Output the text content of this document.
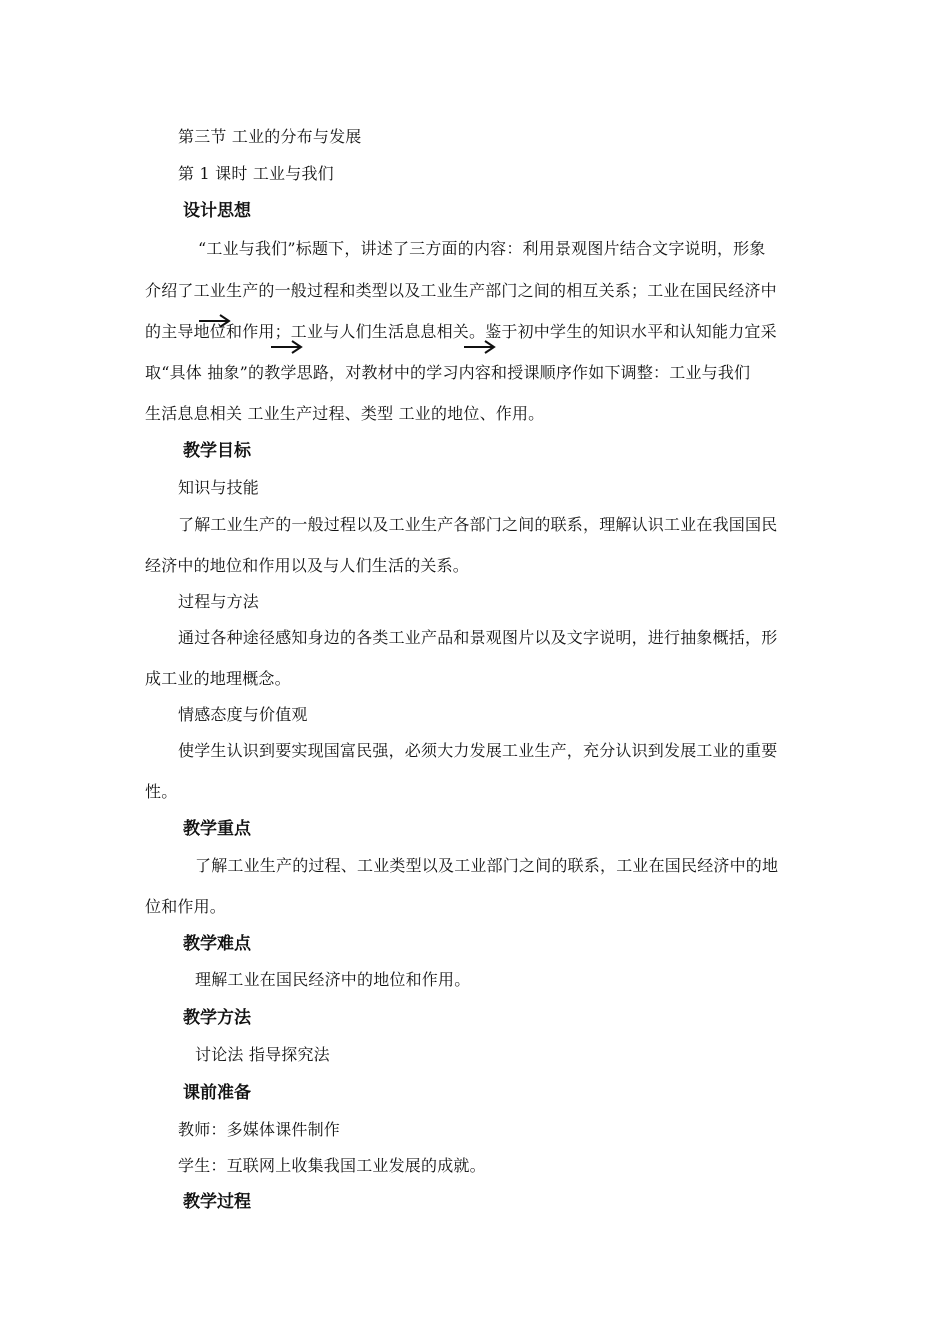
第三节 工业的分布与发展
第 1 课时 工业与我们
设计思想
“工业与我们”标题下，讲述了三方面的内容：利用景观图片结合文字说明，形象
介绍了工业生产的一般过程和类型以及工业生产部门之间的相互关系；工业在国民经济中
的主导地位和作用；工业与人们生活息息相关。鉴于初中学生的知识水平和认知能力宜采
取“具体 抽象”的教学思路，对教材中的学习内容和授课顺序作如下调整：工业与我们
生活息息相关 工业生产过程、类型 工业的地位、作用。
教学目标
知识与技能
了解工业生产的一般过程以及工业生产各部门之间的联系，理解认识工业在我国国民
经济中的地位和作用以及与人们生活的关系。
过程与方法
通过各种途径感知身边的各类工业产品和景观图片以及文字说明，进行抽象概括，形
成工业的地理概念。
情感态度与价值观
使学生认识到要实现国富民强，必须大力发展工业生产，充分认识到发展工业的重要
性。
教学重点
了解工业生产的过程、工业类型以及工业部门之间的联系，工业在国民经济中的地
位和作用。
教学难点
理解工业在国民经济中的地位和作用。
教学方法
讨论法 指导探究法
课前准备
教师：多媒体课件制作
学生：互联网上收集我国工业发展的成就。
教学过程
